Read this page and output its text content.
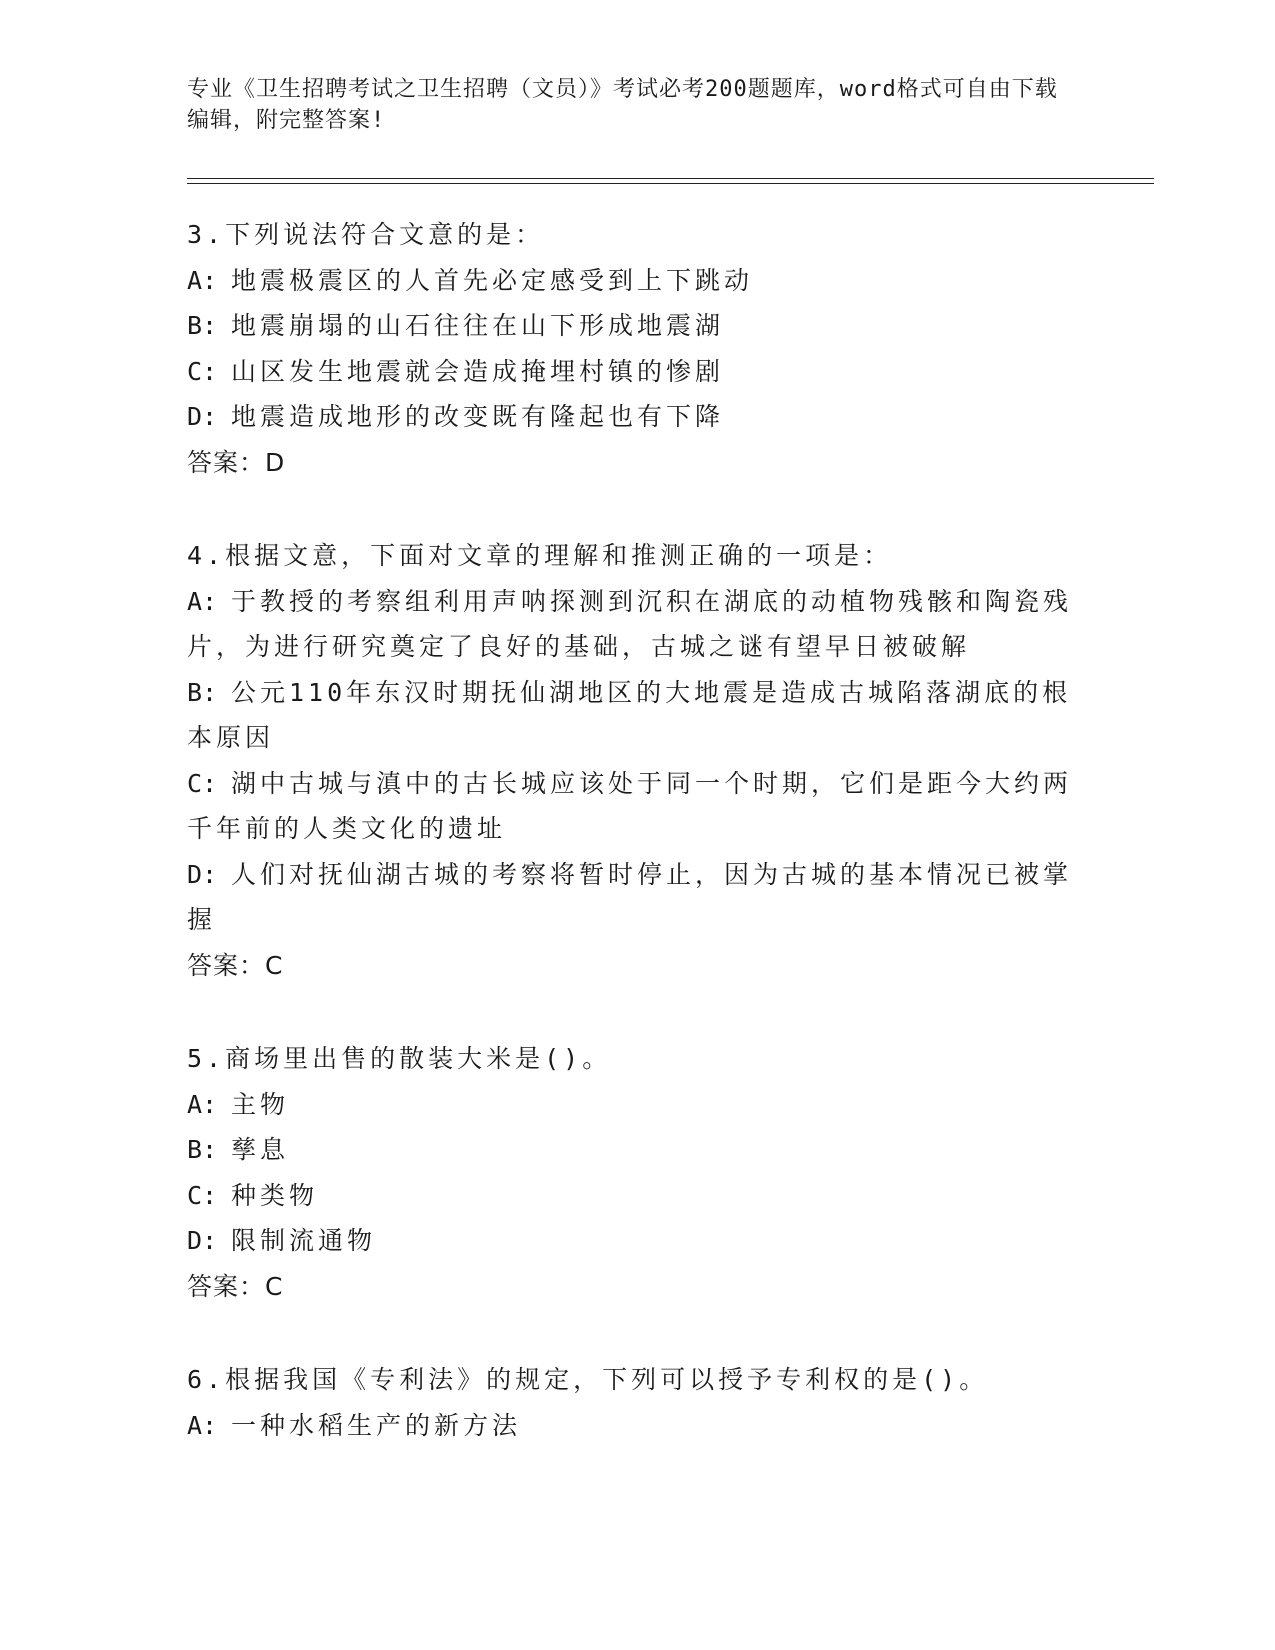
专业《卫生招聘考试之卫生招聘（文员）》考试必考200题题库，word格式可自由下载编辑，附完整答案!
3.下列说法符合文意的是：
A: 地震极震区的人首先必定感受到上下跳动
B: 地震崩塌的山石往往在山下形成地震湖
C: 山区发生地震就会造成掩埋村镇的惨剧
D: 地震造成地形的改变既有隆起也有下降
答案：D
4.根据文意，下面对文章的理解和推测正确的一项是：
A: 于教授的考察组利用声呐探测到沉积在湖底的动植物残骸和陶瓷残片，为进行研究奠定了良好的基础，古城之谜有望早日被破解
B: 公元110年东汉时期抚仙湖地区的大地震是造成古城陷落湖底的根本原因
C: 湖中古城与滇中的古长城应该处于同一个时期，它们是距今大约两千年前的人类文化的遗址
D: 人们对抚仙湖古城的考察将暂时停止，因为古城的基本情况已被掌握
答案：C
5.商场里出售的散装大米是()。
A: 主物
B: 孳息
C: 种类物
D: 限制流通物
答案：C
6.根据我国《专利法》的规定，下列可以授予专利权的是()。
A: 一种水稻生产的新方法
